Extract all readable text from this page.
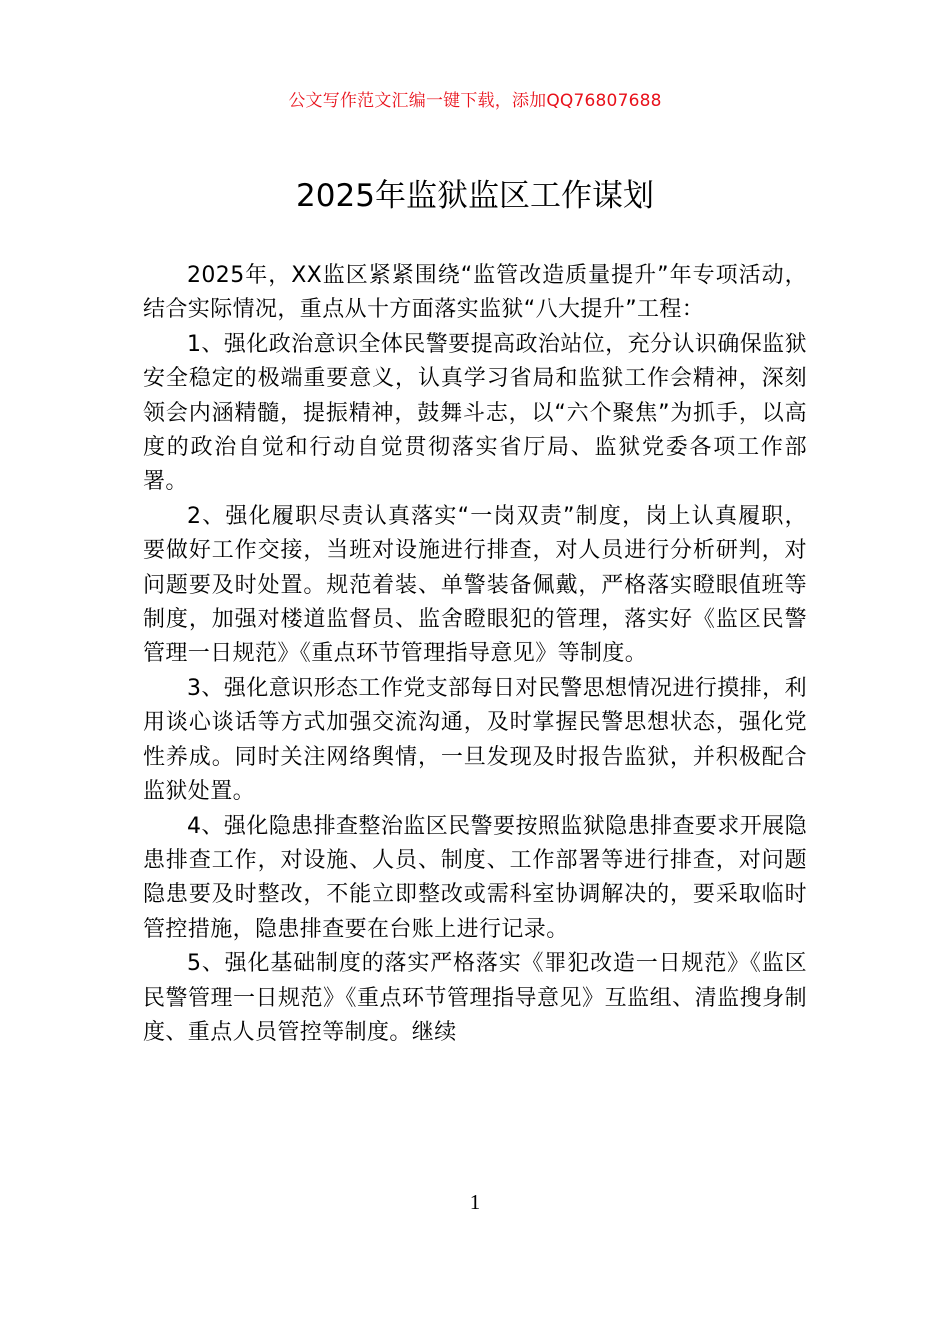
公文写作范文汇编一键下载，添加QQ76807688
2025年监狱监区工作谋划

2025年，XX监区紧紧围绕“监管改造质量提升”年专项活动，结合实际情况，重点从十方面落实监狱“八大提升”工程：

1、强化政治意识全体民警要提高政治站位，充分认识确保监狱安全稳定的极端重要意义，认真学习省局和监狱工作会精神，深刻领会内涵精髓，提振精神，鼓舞斗志，以“六个聚焦”为抓手，以高度的政治自觉和行动自觉贯彻落实省厅局、监狱党委各项工作部署。

2、强化履职尽责认真落实“一岗双责”制度，岗上认真履职，要做好工作交接，当班对设施进行排查，对人员进行分析研判，对问题要及时处置。规范着装、单警装备佩戴，严格落实瞪眼值班等制度，加强对楼道监督员、监舍瞪眼犯的管理，落实好《监区民警管理一日规范》《重点环节管理指导意见》等制度。

3、强化意识形态工作党支部每日对民警思想情况进行摸排，利用谈心谈话等方式加强交流沟通，及时掌握民警思想状态，强化党性养成。同时关注网络舆情，一旦发现及时报告监狱，并积极配合监狱处置。

4、强化隐患排查整治监区民警要按照监狱隐患排查要求开展隐患排查工作，对设施、人员、制度、工作部署等进行排查，对问题隐患要及时整改，不能立即整改或需科室协调解决的，要采取临时管控措施，隐患排查要在台账上进行记录。

5、强化基础制度的落实严格落实《罪犯改造一日规范》《监区民警管理一日规范》《重点环节管理指导意见》互监组、清监搜身制度、重点人员管控等制度。继续

1
